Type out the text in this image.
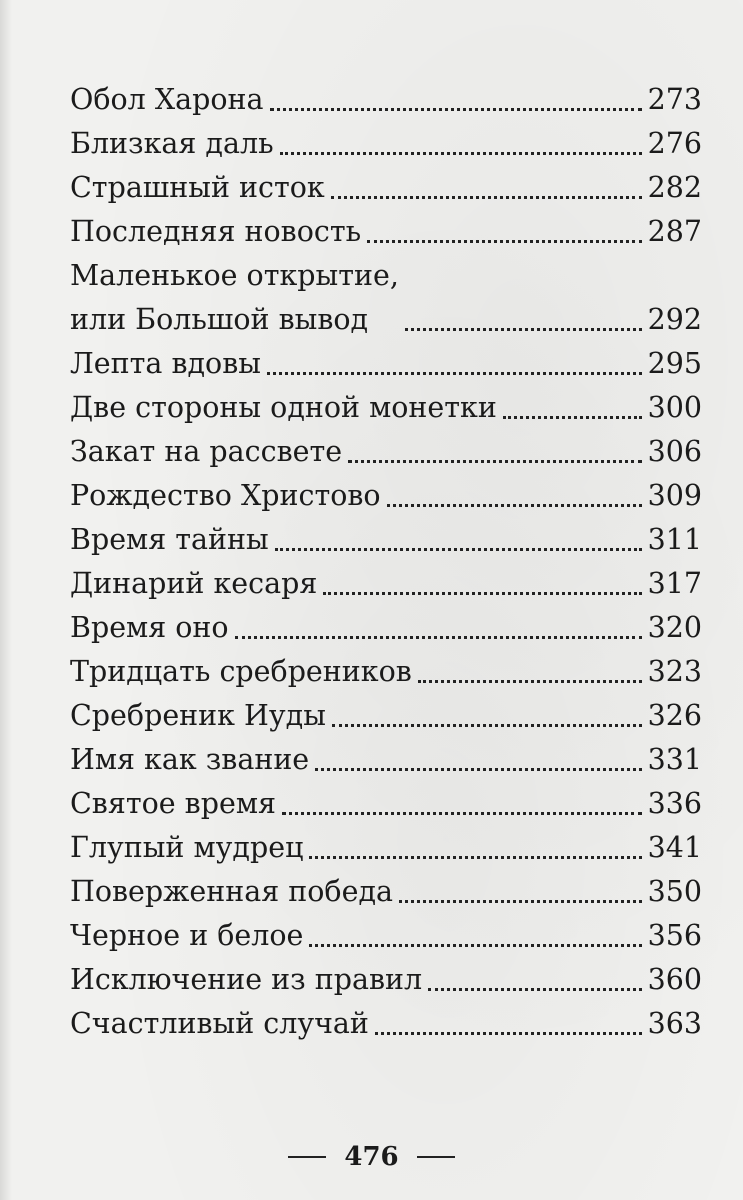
Обол Харона	273
Близкая даль	276
Страшный исток	282
Последняя новость	287
Маленькое открытие,
или Большой вывод	292
Лепта вдовы	295
Две стороны одной монетки	300
Закат на рассвете	306
Рождество Христово	309
Время тайны	311
Динарий кесаря	317
Время оно	320
Тридцать сребреников	323
Сребреник Иуды	326
Имя как звание	331
Святое время	336
Глупый мудрец	341
Поверженная победа	350
Черное и белое	356
Исключение из правил	360
Счастливый случай	363
476
